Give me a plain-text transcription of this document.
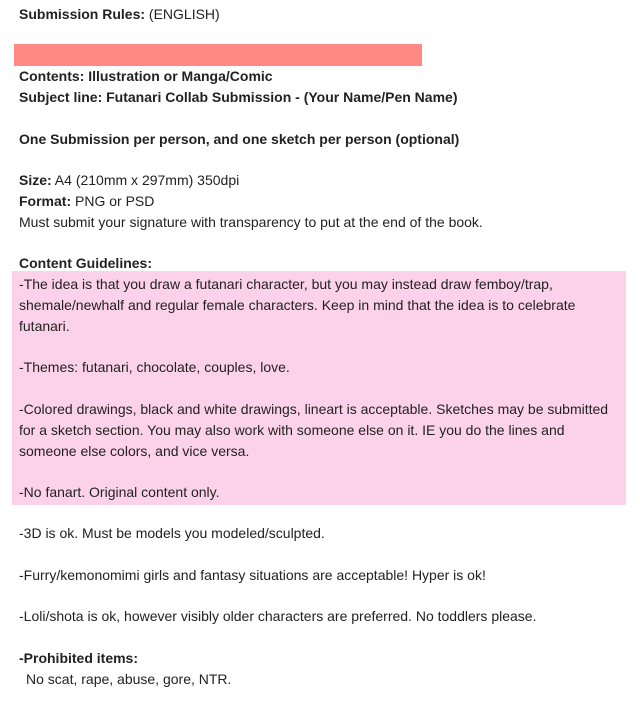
Submission Rules: (ENGLISH)
Contents: Illustration or Manga/Comic
Subject line: Futanari Collab Submission - (Your Name/Pen Name)
One Submission per person, and one sketch per person (optional)
Size: A4 (210mm x 297mm) 350dpi
Format: PNG or PSD
Must submit your signature with transparency to put at the end of the book.
Content Guidelines:
-The idea is that you draw a futanari character, but you may instead draw femboy/trap, shemale/newhalf and regular female characters. Keep in mind that the idea is to celebrate futanari.
-Themes: futanari, chocolate, couples, love.
-Colored drawings, black and white drawings, lineart is acceptable. Sketches may be submitted for a sketch section. You may also work with someone else on it. IE you do the lines and someone else colors, and vice versa.
-No fanart. Original content only.
-3D is ok. Must be models you modeled/sculpted.
-Furry/kemonomimi girls and fantasy situations are acceptable! Hyper is ok!
-Loli/shota is ok, however visibly older characters are preferred. No toddlers please.
-Prohibited items:
No scat, rape, abuse, gore, NTR.
